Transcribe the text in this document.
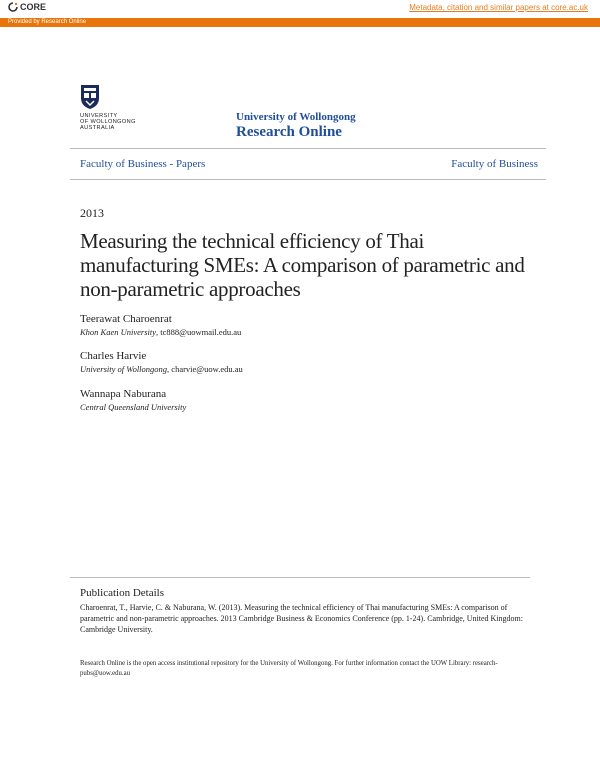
CORE	Metadata, citation and similar papers at core.ac.uk
Provided by Research Online
UNIVERSITY
OF WOLLONGONG
AUSTRALIA
University of Wollongong
Research Online
Faculty of Business - Papers	Faculty of Business
2013
Measuring the technical efficiency of Thai manufacturing SMEs: A comparison of parametric and non-parametric approaches
Teerawat Charoenrat
Khon Kaen University, tc888@uowmail.edu.au
Charles Harvie
University of Wollongong, charvie@uow.edu.au
Wannapa Naburana
Central Queensland University
Publication Details
Charoenrat, T., Harvie, C. & Naburana, W. (2013). Measuring the technical efficiency of Thai manufacturing SMEs: A comparison of parametric and non-parametric approaches. 2013 Cambridge Business & Economics Conference (pp. 1-24). Cambridge, United Kingdom: Cambridge University.
Research Online is the open access institutional repository for the University of Wollongong. For further information contact the UOW Library: research-pubs@uow.edu.au
